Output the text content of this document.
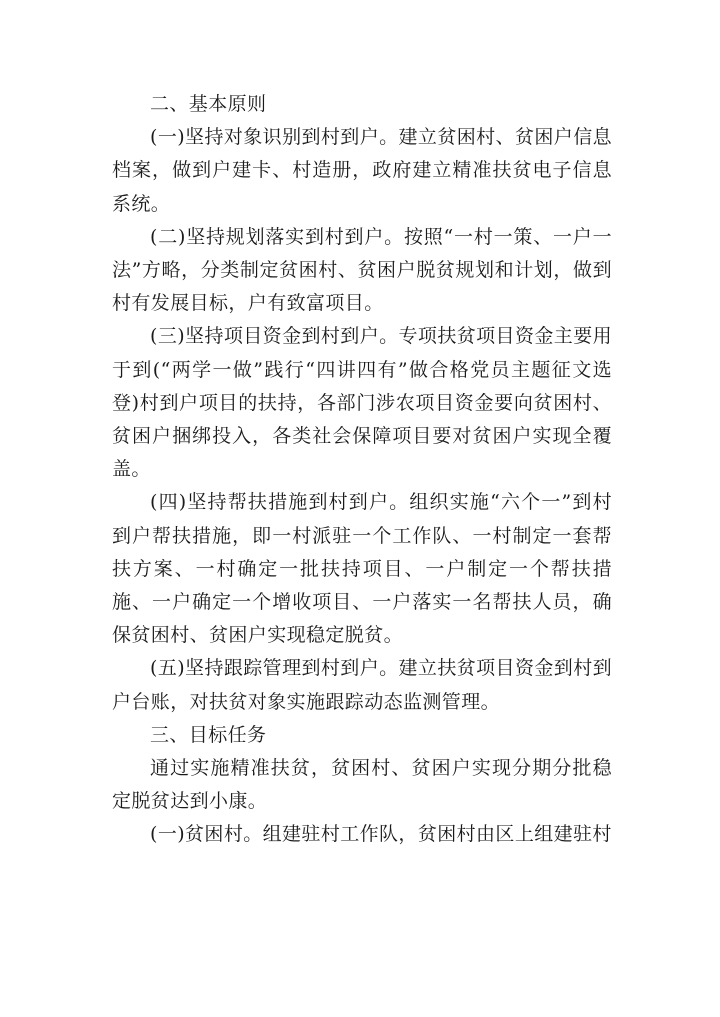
二、基本原则

(一)坚持对象识别到村到户。建立贫困村、贫困户信息档案，做到户建卡、村造册，政府建立精准扶贫电子信息系统。

(二)坚持规划落实到村到户。按照“一村一策、一户一法”方略，分类制定贫困村、贫困户脱贫规划和计划，做到村有发展目标，户有致富项目。

(三)坚持项目资金到村到户。专项扶贫项目资金主要用于到(“两学一做”践行“四讲四有”做合格党员主题征文选登)村到户项目的扶持，各部门涉农项目资金要向贫困村、贫困户捆绑投入，各类社会保障项目要对贫困户实现全覆盖。

(四)坚持帮扶措施到村到户。组织实施“六个一”到村到户帮扶措施，即一村派驻一个工作队、一村制定一套帮扶方案、一村确定一批扶持项目、一户制定一个帮扶措施、一户确定一个增收项目、一户落实一名帮扶人员，确保贫困村、贫困户实现稳定脱贫。

(五)坚持跟踪管理到村到户。建立扶贫项目资金到村到户台账，对扶贫对象实施跟踪动态监测管理。

三、目标任务

通过实施精准扶贫，贫困村、贫困户实现分期分批稳定脱贫达到小康。

(一)贫困村。组建驻村工作队，贫困村由区上组建驻村
